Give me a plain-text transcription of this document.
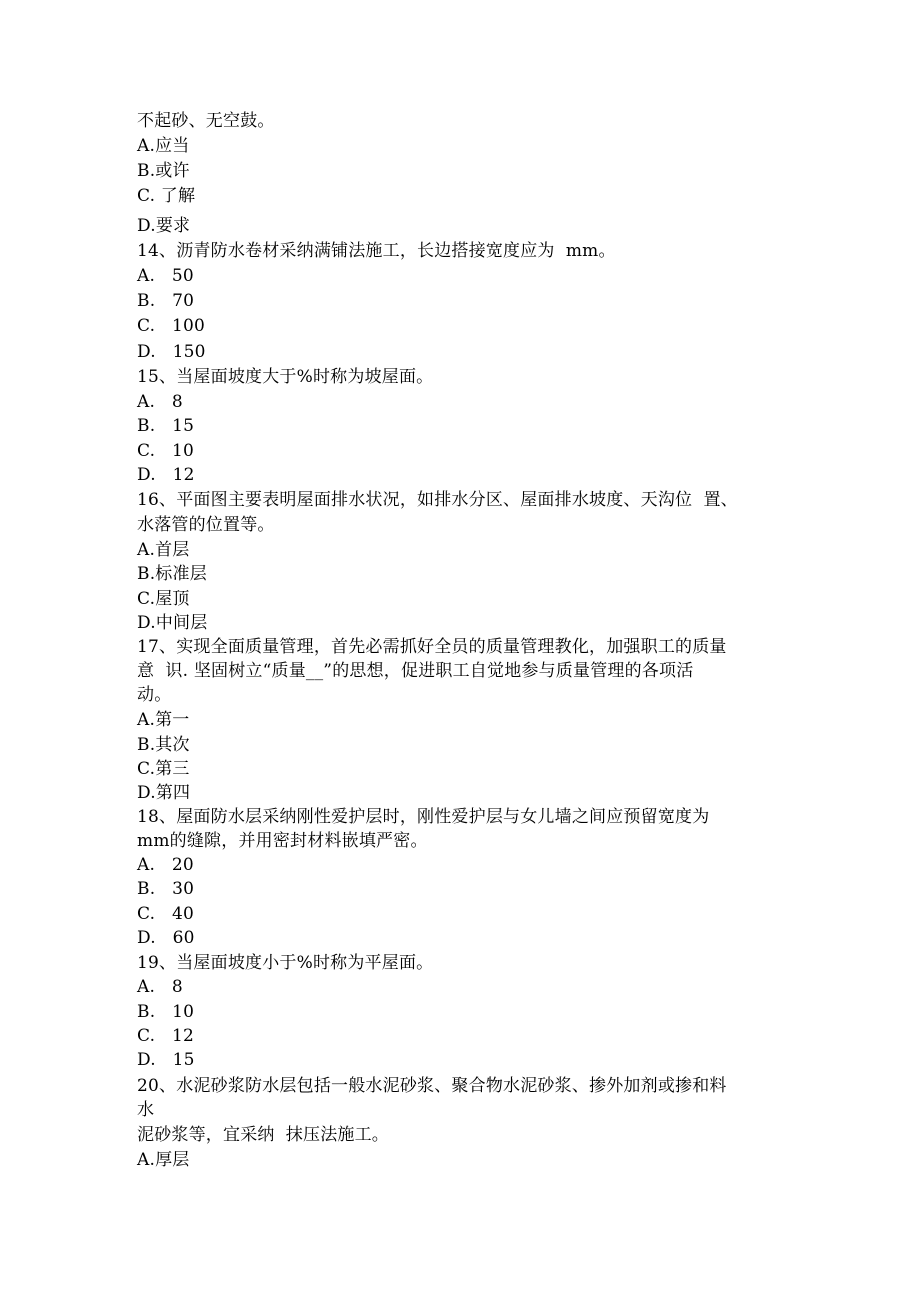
不起砂、无空鼓。
A.应当
B.或许
C. 了解
D.要求
14、沥青防水卷材采纳满铺法施工，长边搭接宽度应为  mm。
A.   50
B.   70
C.   100
D.   150
15、当屋面坡度大于%时称为坡屋面。
A.   8
B.   15
C.   10
D.   12
16、平面图主要表明屋面排水状况，如排水分区、屋面排水坡度、天沟位  置、
水落管的位置等。
A.首层
B.标准层
C.屋顶
D.中间层
17、实现全面质量管理，首先必需抓好全员的质量管理教化，加强职工的质量
意  识. 坚固树立“质量__”的思想，促进职工自觉地参与质量管理的各项活
动。
A.第一
B.其次
C.第三
D.第四
18、屋面防水层采纳刚性爱护层时，刚性爱护层与女儿墙之间应预留宽度为
mm的缝隙，并用密封材料嵌填严密。
A.   20
B.   30
C.   40
D.   60
19、当屋面坡度小于%时称为平屋面。
A.   8
B.   10
C.   12
D.   15
20、水泥砂浆防水层包括一般水泥砂浆、聚合物水泥砂浆、掺外加剂或掺和料
水
泥砂浆等，宜采纳  抹压法施工。
A.厚层
